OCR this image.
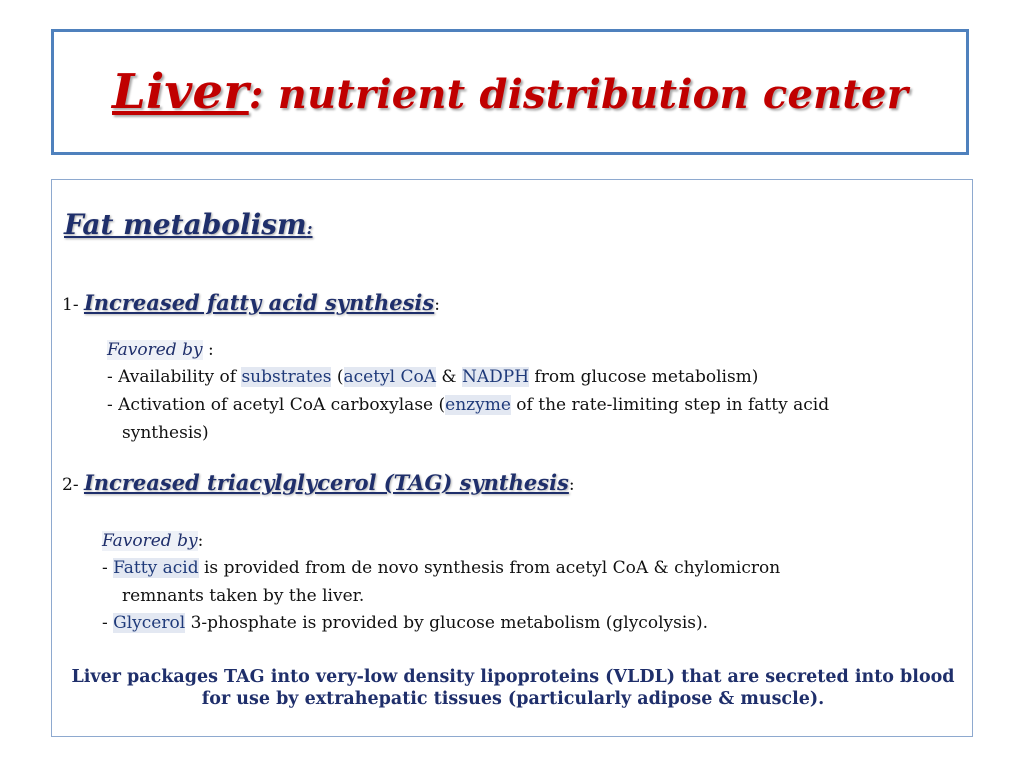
Liver: nutrient distribution center
Fat metabolism:
1- Increased fatty acid synthesis:
Favored by :
- Availability of substrates (acetyl CoA & NADPH from glucose metabolism)
- Activation of acetyl CoA carboxylase (enzyme of the rate-limiting step in fatty acid
synthesis)
2- Increased triacylglycerol (TAG) synthesis:
Favored by:
- Fatty acid is provided from de novo synthesis from acetyl CoA & chylomicron
remnants taken by the liver.
- Glycerol 3-phosphate is provided by glucose metabolism (glycolysis).

Liver packages TAG into very-low density lipoproteins (VLDL) that are secreted into blood for use by extrahepatic tissues (particularly adipose & muscle).
